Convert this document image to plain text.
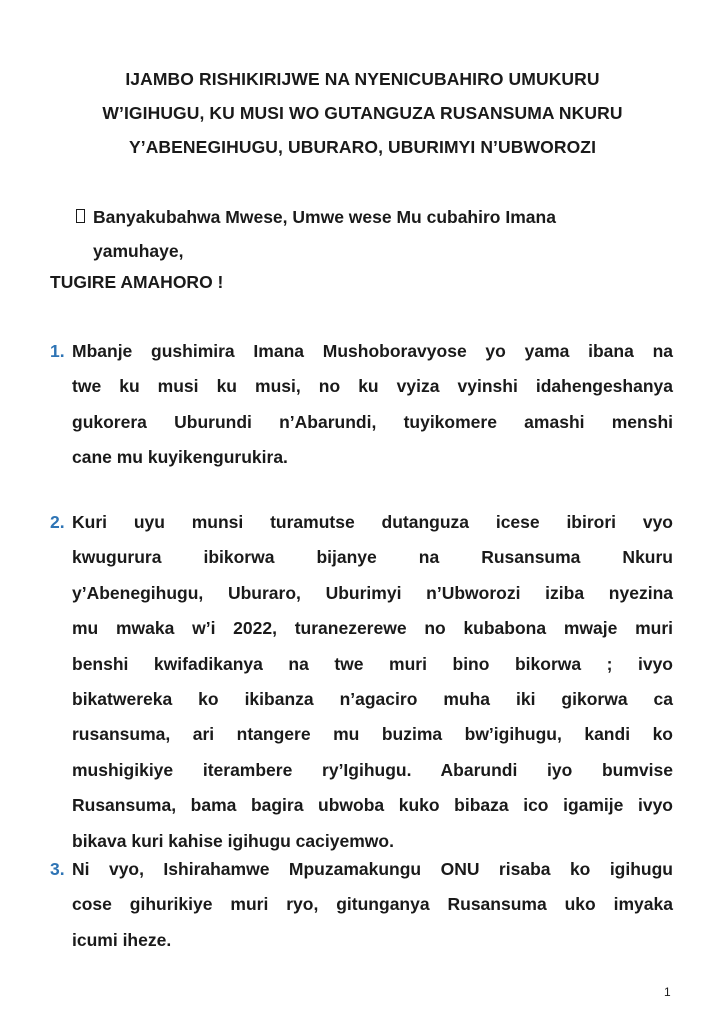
IJAMBO RISHIKIRIJWE NA NYENICUBAHIRO UMUKURU
W’IGIHUGU, KU MUSI WO GUTANGUZA RUSANSUMA NKURU
Y’ABENEGIHUGU, UBURARO, UBURIMYI N’UBWOROZI
Banyakubahwa Mwese, Umwe wese Mu cubahiro Imana
yamuhaye,
TUGIRE AMAHORO !
1. Mbanje gushimira Imana Mushoboravyose yo yama ibana na
twe ku musi ku musi, no ku vyiza vyinshi idahengeshanya
gukorera Uburundi n’Abarundi, tuyikomere amashi menshi
cane mu kuyikengurukira.
2. Kuri uyu munsi turamutse dutanguza icese ibirori vyo
kwugurura ibikorwa bijanye na Rusansuma Nkuru
y’Abenegihugu, Uburaro, Uburimyi n’Ubworozi iziba nyezina
mu mwaka w’i 2022, turanezerewe no kubabona mwaje muri
benshi kwifadikanya na twe muri bino bikorwa ; ivyo
bikatwereka ko ikibanza n’agaciro muha iki gikorwa ca
rusansuma, ari ntangere mu buzima bw’igihugu, kandi ko
mushigikiye iterambere ry’Igihugu. Abarundi iyo bumvise
Rusansuma, bama bagira ubwoba kuko bibaza ico igamije ivyo
bikava kuri kahise igihugu caciyemwo.
3. Ni vyo, Ishirahamwe Mpuzamakungu ONU risaba ko igihugu
cose gihurikiye muri ryo, gitunganya Rusansuma uko imyaka
icumi iheze.
1
